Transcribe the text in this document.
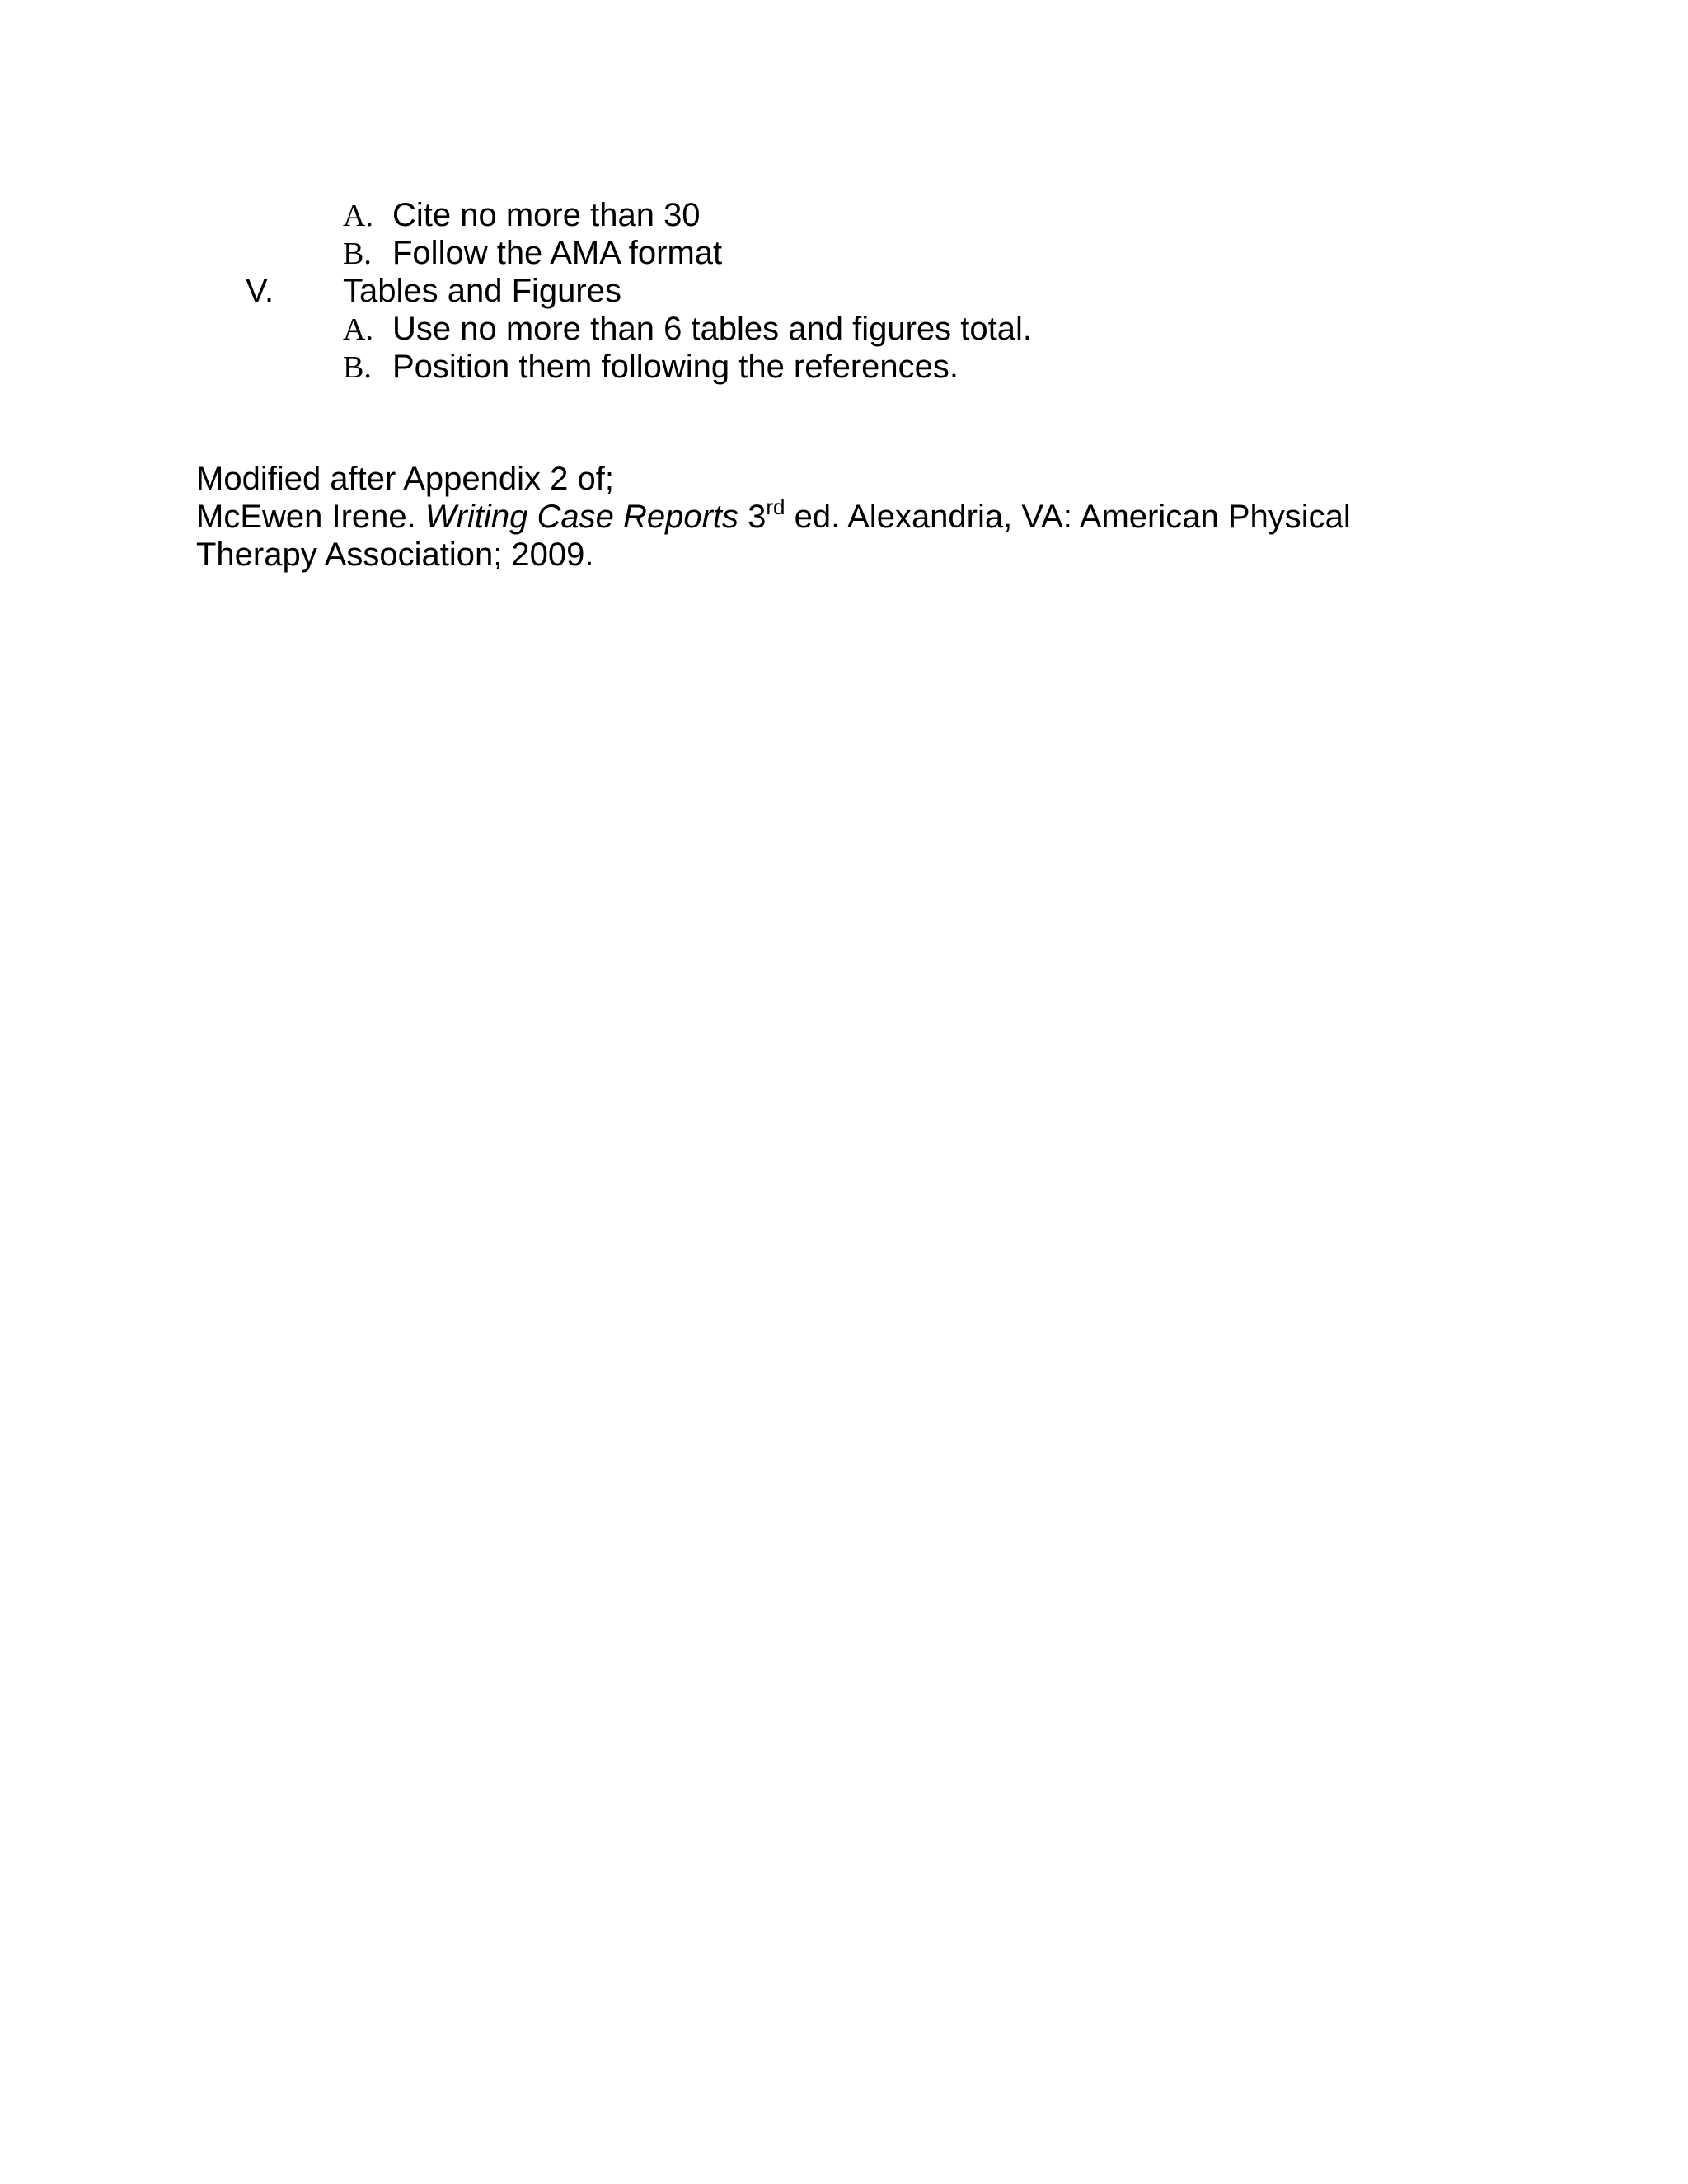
A. Cite no more than 30
B. Follow the AMA format
V. Tables and Figures
A. Use no more than 6 tables and figures total.
B. Position them following the references.
Modified after Appendix 2 of;
McEwen Irene. Writing Case Reports 3rd ed. Alexandria, VA: American Physical
Therapy Association; 2009.
